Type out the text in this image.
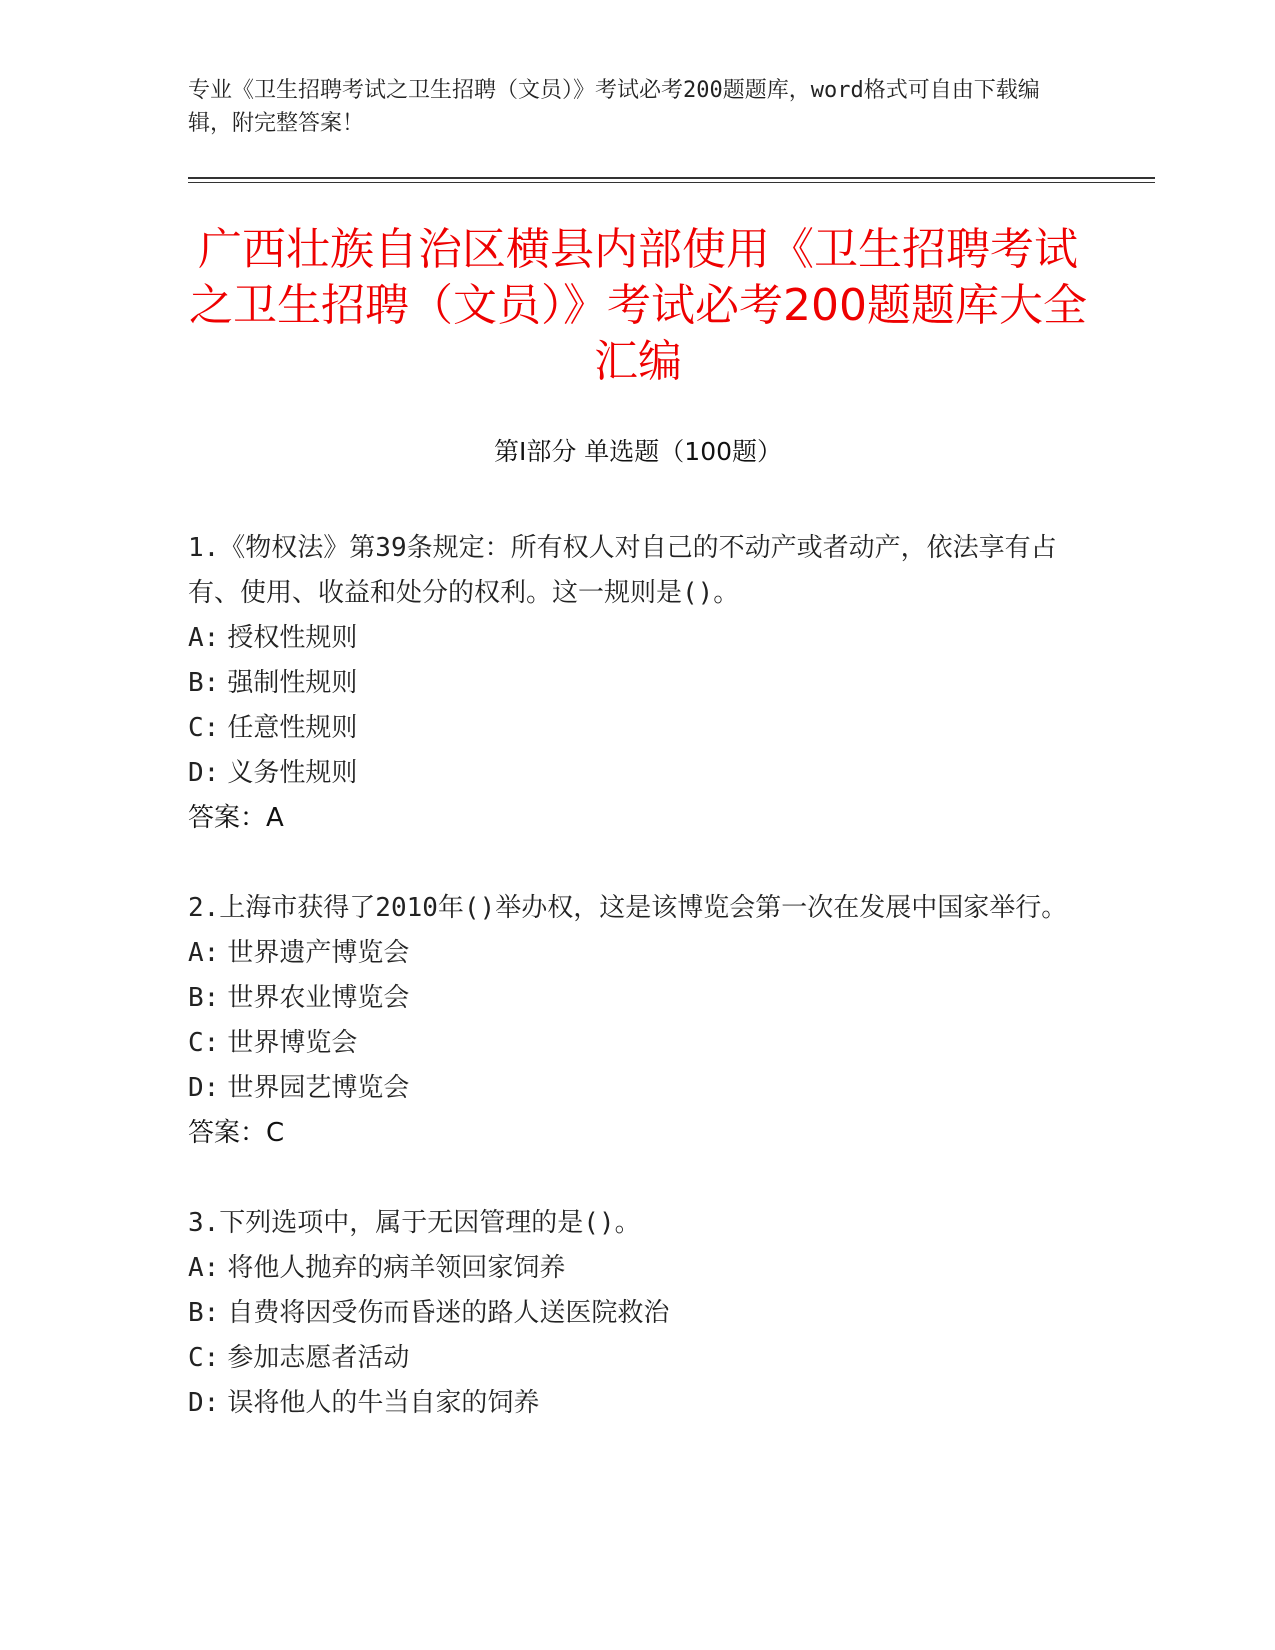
专业《卫生招聘考试之卫生招聘（文员）》考试必考200题题库，word格式可自由下载编辑，附完整答案！
广西壮族自治区横县内部使用《卫生招聘考试之卫生招聘（文员）》考试必考200题题库大全汇编
第Ⅰ部分 单选题（100题）

1.《物权法》第39条规定：所有权人对自己的不动产或者动产，依法享有占有、使用、收益和处分的权利。这一规则是()。

A: 授权性规则

B: 强制性规则

C: 任意性规则

D: 义务性规则

答案：A

2.上海市获得了2010年()举办权，这是该博览会第一次在发展中国家举行。

A: 世界遗产博览会

B: 世界农业博览会

C: 世界博览会

D: 世界园艺博览会

答案：C

3.下列选项中，属于无因管理的是()。

A: 将他人抛弃的病羊领回家饲养

B: 自费将因受伤而昏迷的路人送医院救治

C: 参加志愿者活动

D: 误将他人的牛当自家的饲养
